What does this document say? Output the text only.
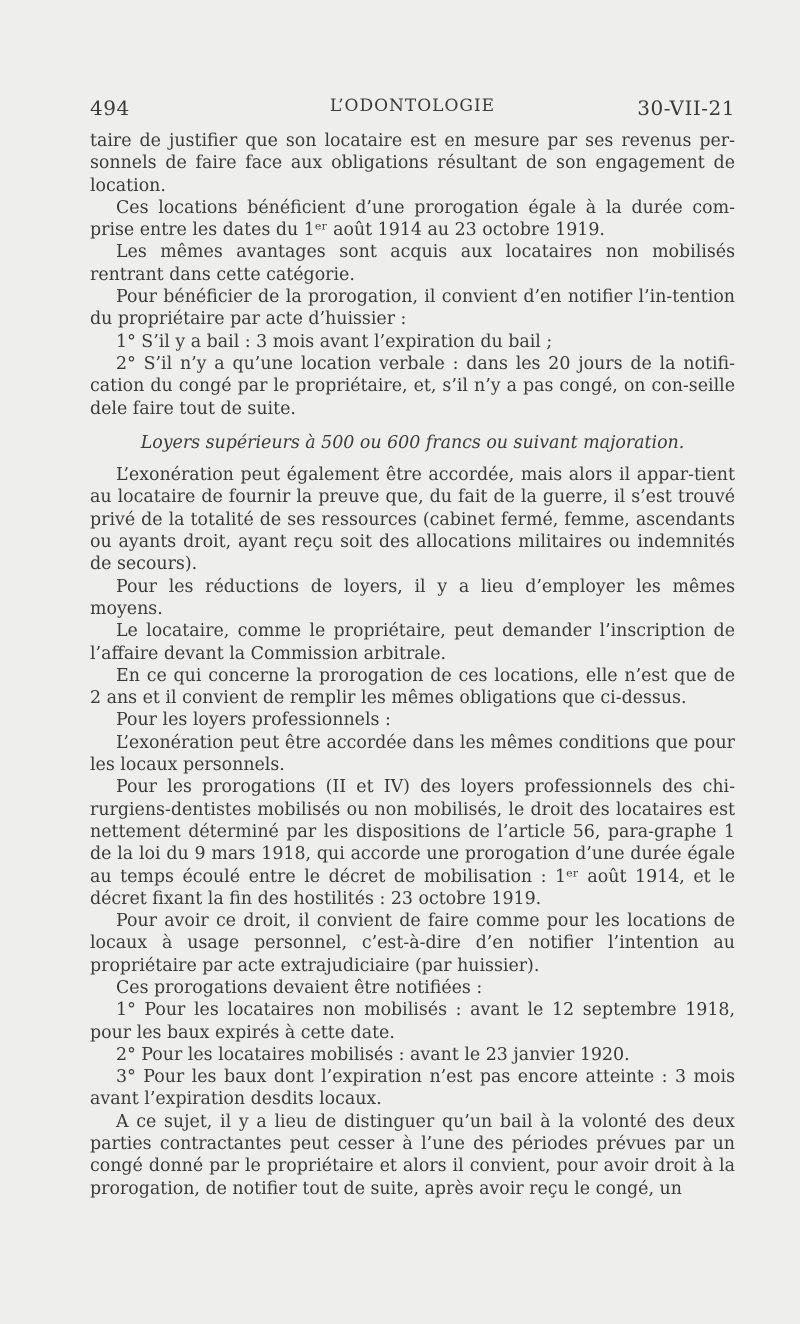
494	L’ODONTOLOGIE	30-VII-21

taire de justifier que son locataire est en mesure par ses revenus per-sonnels de faire face aux obligations résultant de son engagement de location.

Ces locations bénéficient d’une prorogation égale à la durée com-prise entre les dates du 1ᵉʳ août 1914 au 23 octobre 1919.

Les mêmes avantages sont acquis aux locataires non mobilisés rentrant dans cette catégorie.

Pour bénéficier de la prorogation, il convient d’en notifier l’in-tention du propriétaire par acte d’huissier :

1° S’il y a bail : 3 mois avant l’expiration du bail ;

2° S’il n’y a qu’une location verbale : dans les 20 jours de la notifi-cation du congé par le propriétaire, et, s’il n’y a pas congé, on con-seille dele faire tout de suite.

Loyers supérieurs à 500 ou 600 francs ou suivant majoration.

L’exonération peut également être accordée, mais alors il appar-tient au locataire de fournir la preuve que, du fait de la guerre, il s’est trouvé privé de la totalité de ses ressources (cabinet fermé, femme, ascendants ou ayants droit, ayant reçu soit des allocations militaires ou indemnités de secours).

Pour les réductions de loyers, il y a lieu d’employer les mêmes moyens.

Le locataire, comme le propriétaire, peut demander l’inscription de l’affaire devant la Commission arbitrale.

En ce qui concerne la prorogation de ces locations, elle n’est que de 2 ans et il convient de remplir les mêmes obligations que ci-dessus.

Pour les loyers professionnels :

L’exonération peut être accordée dans les mêmes conditions que pour les locaux personnels.

Pour les prorogations (II et IV) des loyers professionnels des chi-rurgiens-dentistes mobilisés ou non mobilisés, le droit des locataires est nettement déterminé par les dispositions de l’article 56, para-graphe 1 de la loi du 9 mars 1918, qui accorde une prorogation d’une durée égale au temps écoulé entre le décret de mobilisation : 1ᵉʳ août 1914, et le décret fixant la fin des hostilités : 23 octobre 1919.

Pour avoir ce droit, il convient de faire comme pour les locations de locaux à usage personnel, c’est-à-dire d’en notifier l’intention au propriétaire par acte extrajudiciaire (par huissier).

Ces prorogations devaient être notifiées :

1° Pour les locataires non mobilisés : avant le 12 septembre 1918, pour les baux expirés à cette date.

2° Pour les locataires mobilisés : avant le 23 janvier 1920.

3° Pour les baux dont l’expiration n’est pas encore atteinte : 3 mois avant l’expiration desdits locaux.

A ce sujet, il y a lieu de distinguer qu’un bail à la volonté des deux parties contractantes peut cesser à l’une des périodes prévues par un congé donné par le propriétaire et alors il convient, pour avoir droit à la prorogation, de notifier tout de suite, après avoir reçu le congé, un
